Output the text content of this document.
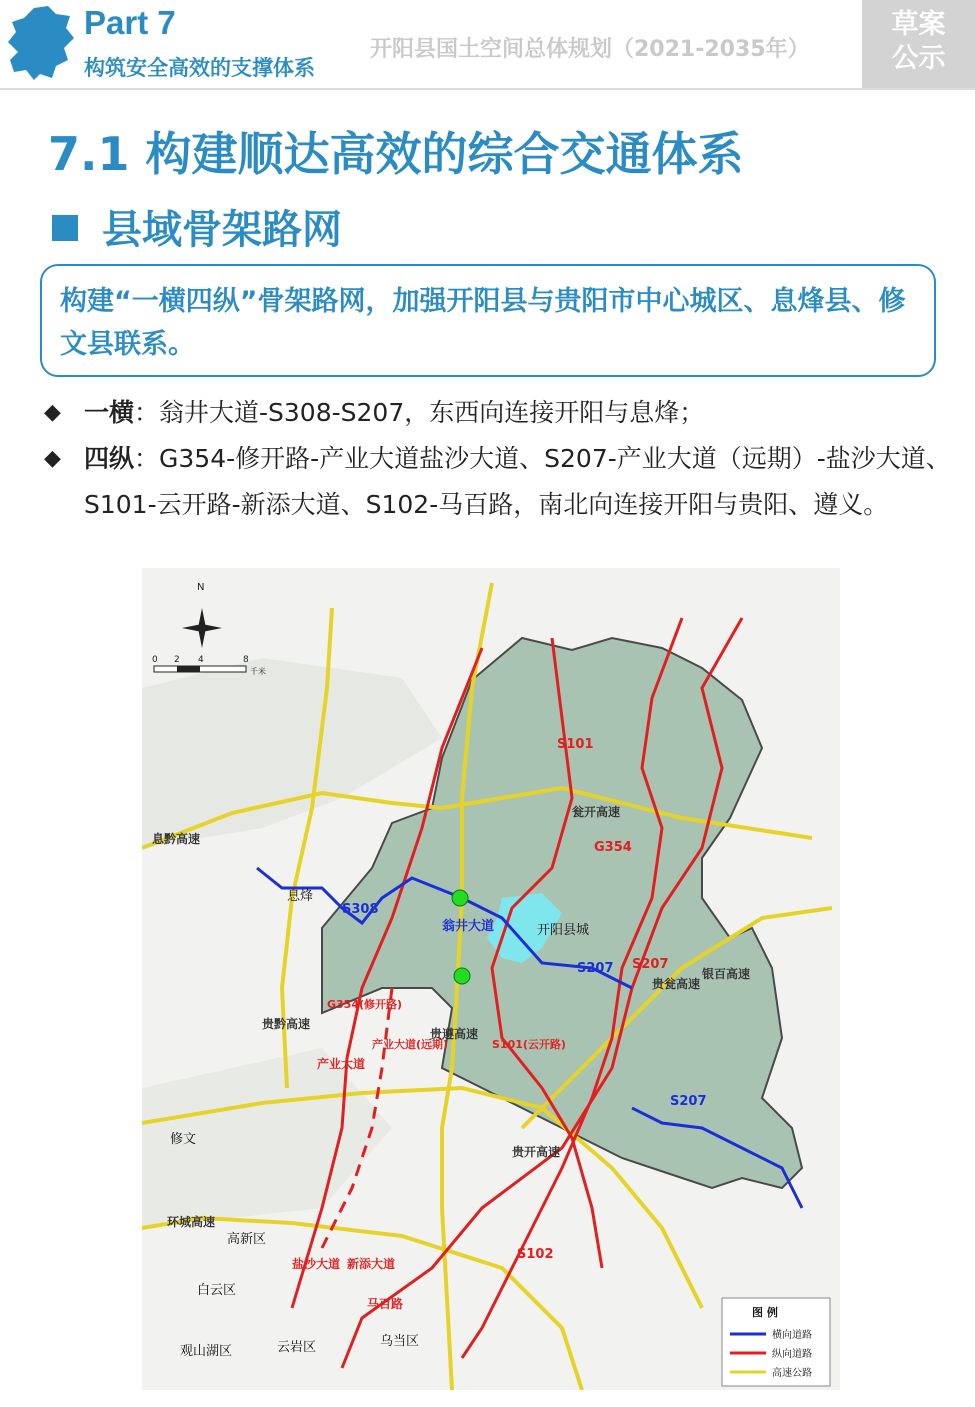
Part 7
构筑安全高效的支撑体系
开阳县国土空间总体规划（2021-2035年）
草案
公示
7.1 构建顺达高效的综合交通体系
县域骨架路网
构建“一横四纵”骨架路网，加强开阳县与贵阳市中心城区、息烽县、修文县联系。
◆ 一横：翁井大道-S308-S207，东西向连接开阳与息烽；
◆ 四纵：G354-修开路-产业大道盐沙大道、S207-产业大道（远期）-盐沙大道、S101-云开路-新添大道、S102-马百路，南北向连接开阳与贵阳、遵义。
N
0 2 4	8
千米
开阳县城
息烽
修文
高新区
白云区
观山湖区	云岩区	乌当区
S308
翁井大道
S207
S207
G354
G354(修开路)
S101
S101(云开路)
S102
S207
产业大道
产业大道(远期)
盐沙大道 新添大道
马百路
瓮开高速
环城高速
贵瓮高速
贵遵高速
贵开高速
息黔高速
贵黔高速
银百高速
图 例
横向道路
纵向道路
高速公路
